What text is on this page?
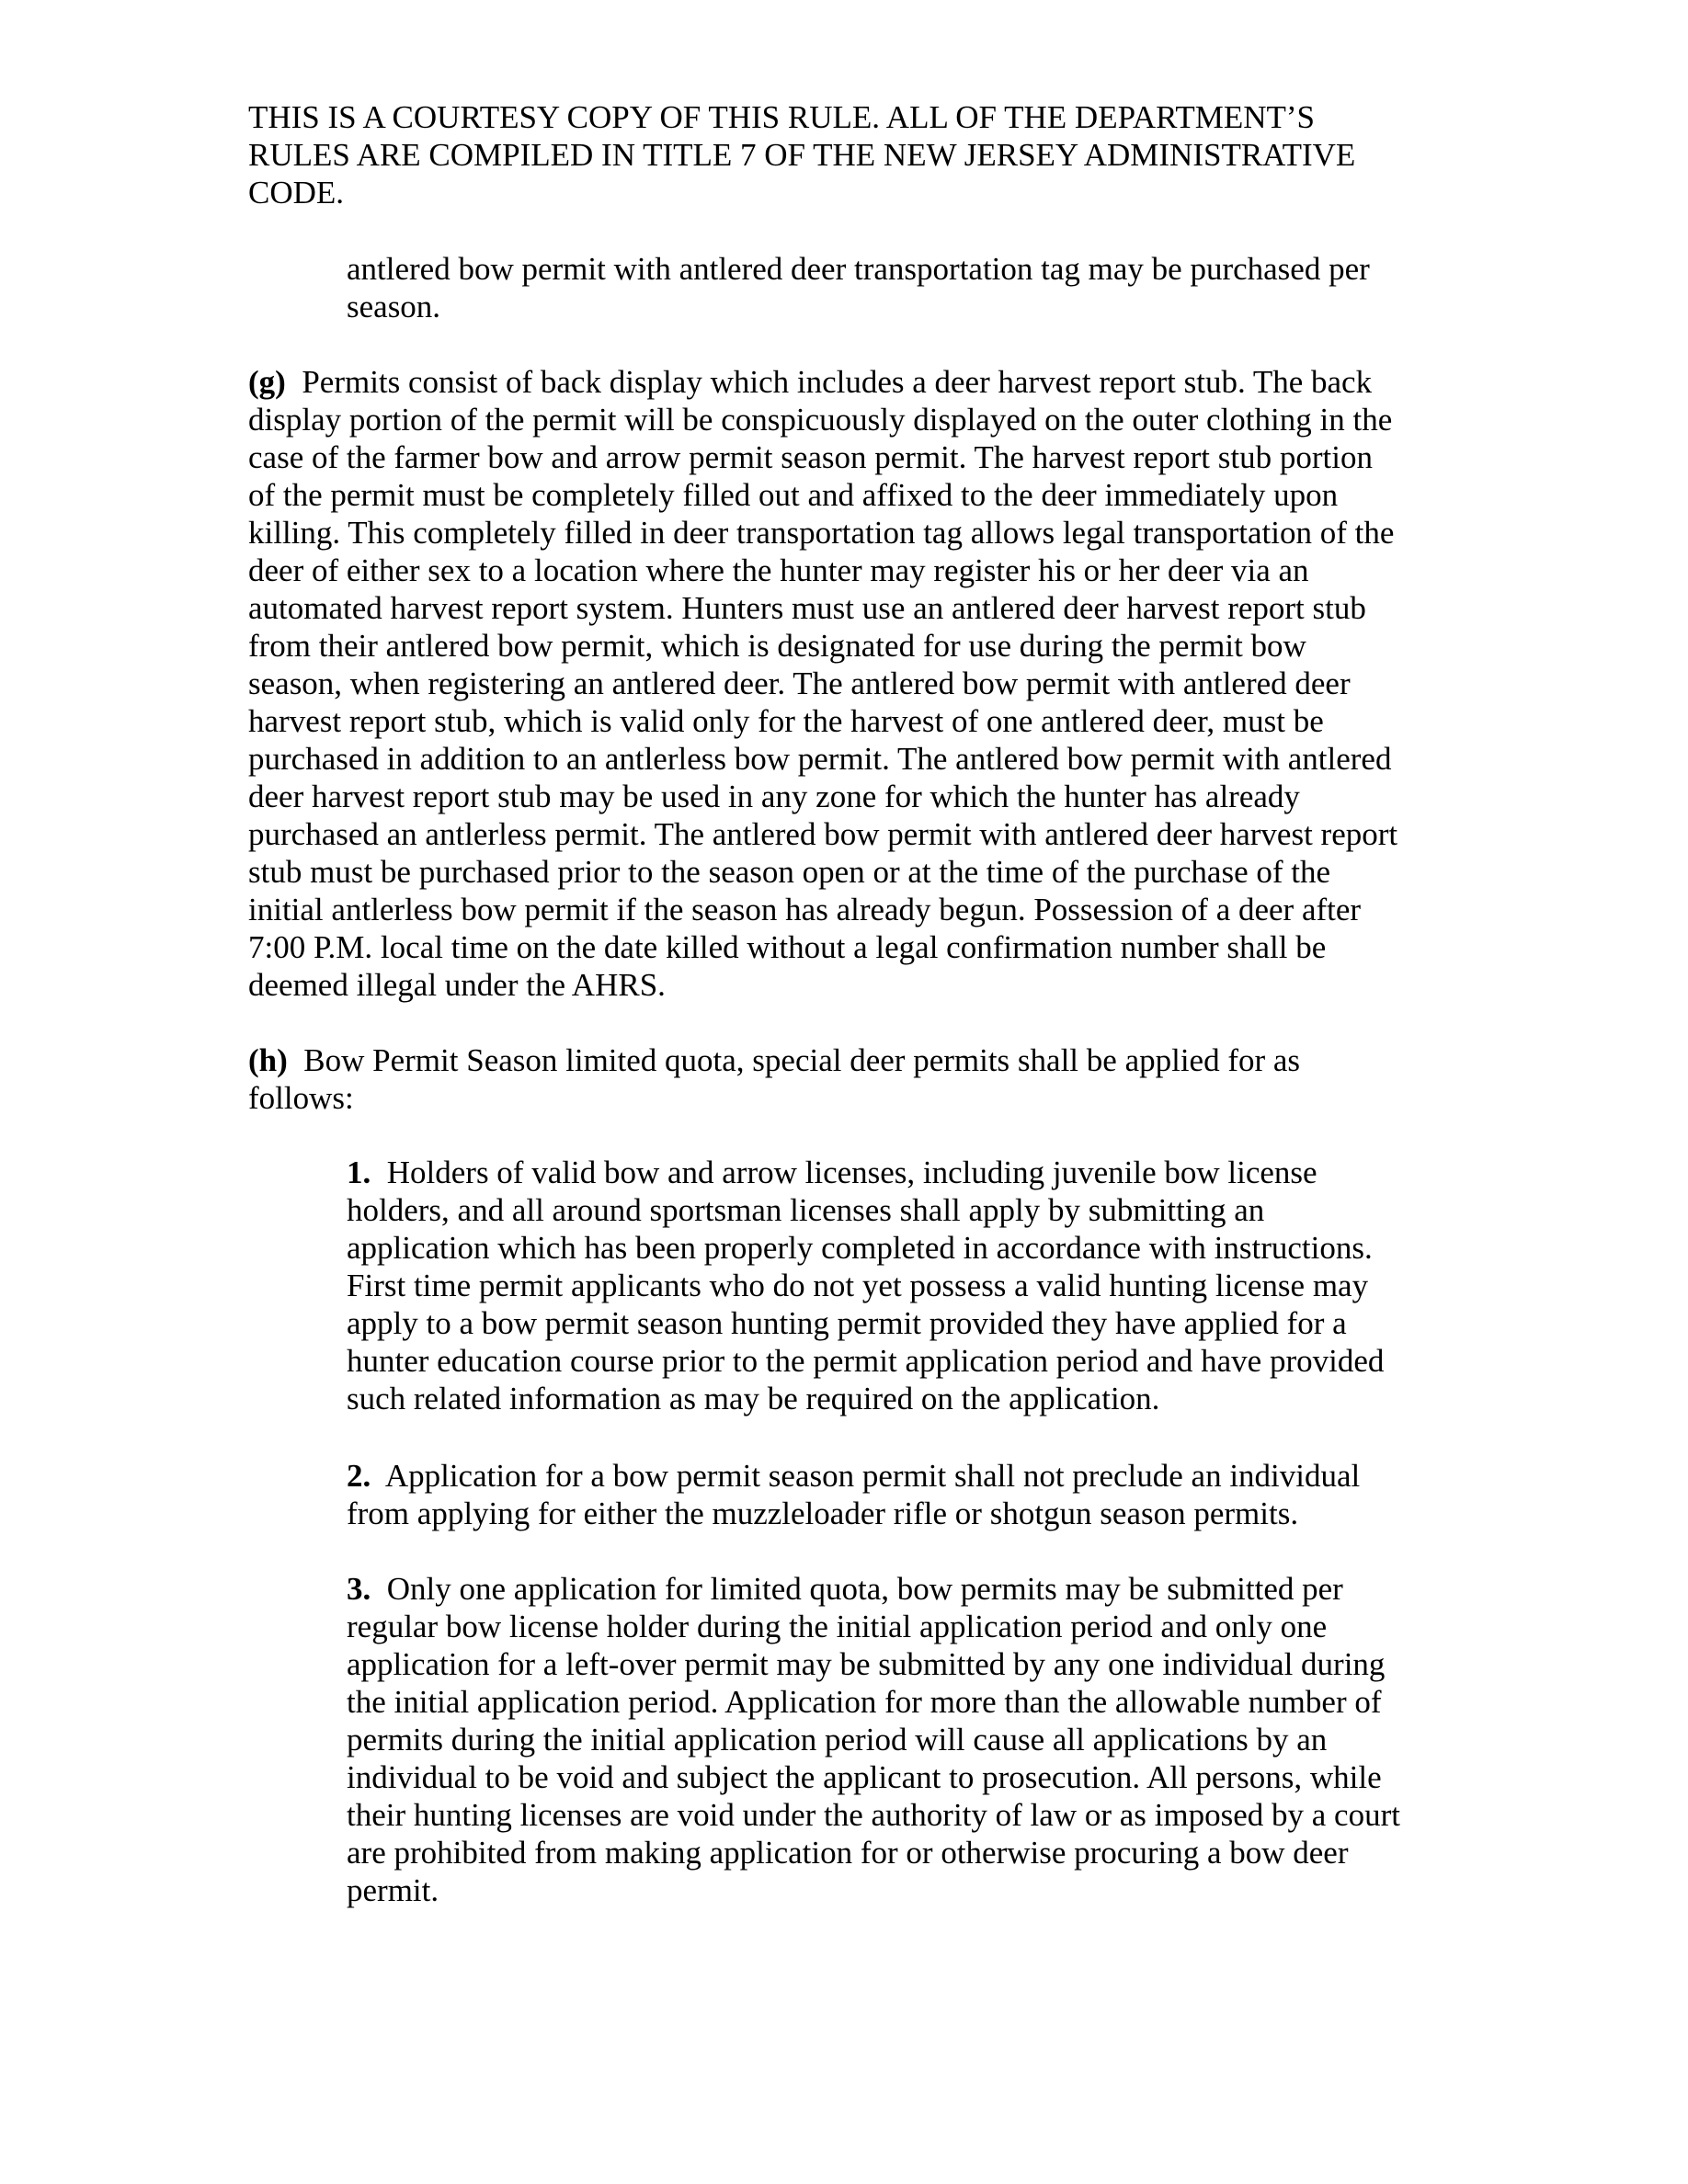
THIS IS A COURTESY COPY OF THIS RULE. ALL OF THE DEPARTMENT’S
RULES ARE COMPILED IN TITLE 7 OF THE NEW JERSEY ADMINISTRATIVE
CODE.
antlered bow permit with antlered deer transportation tag may be purchased per
season.
(g) Permits consist of back display which includes a deer harvest report stub. The back
display portion of the permit will be conspicuously displayed on the outer clothing in the
case of the farmer bow and arrow permit season permit. The harvest report stub portion
of the permit must be completely filled out and affixed to the deer immediately upon
killing. This completely filled in deer transportation tag allows legal transportation of the
deer of either sex to a location where the hunter may register his or her deer via an
automated harvest report system. Hunters must use an antlered deer harvest report stub
from their antlered bow permit, which is designated for use during the permit bow
season, when registering an antlered deer. The antlered bow permit with antlered deer
harvest report stub, which is valid only for the harvest of one antlered deer, must be
purchased in addition to an antlerless bow permit. The antlered bow permit with antlered
deer harvest report stub may be used in any zone for which the hunter has already
purchased an antlerless permit. The antlered bow permit with antlered deer harvest report
stub must be purchased prior to the season open or at the time of the purchase of the
initial antlerless bow permit if the season has already begun. Possession of a deer after
7:00 P.M. local time on the date killed without a legal confirmation number shall be
deemed illegal under the AHRS.
(h) Bow Permit Season limited quota, special deer permits shall be applied for as
follows:
1. Holders of valid bow and arrow licenses, including juvenile bow license
holders, and all around sportsman licenses shall apply by submitting an
application which has been properly completed in accordance with instructions.
First time permit applicants who do not yet possess a valid hunting license may
apply to a bow permit season hunting permit provided they have applied for a
hunter education course prior to the permit application period and have provided
such related information as may be required on the application.
2. Application for a bow permit season permit shall not preclude an individual
from applying for either the muzzleloader rifle or shotgun season permits.
3. Only one application for limited quota, bow permits may be submitted per
regular bow license holder during the initial application period and only one
application for a left-over permit may be submitted by any one individual during
the initial application period. Application for more than the allowable number of
permits during the initial application period will cause all applications by an
individual to be void and subject the applicant to prosecution. All persons, while
their hunting licenses are void under the authority of law or as imposed by a court
are prohibited from making application for or otherwise procuring a bow deer
permit.
